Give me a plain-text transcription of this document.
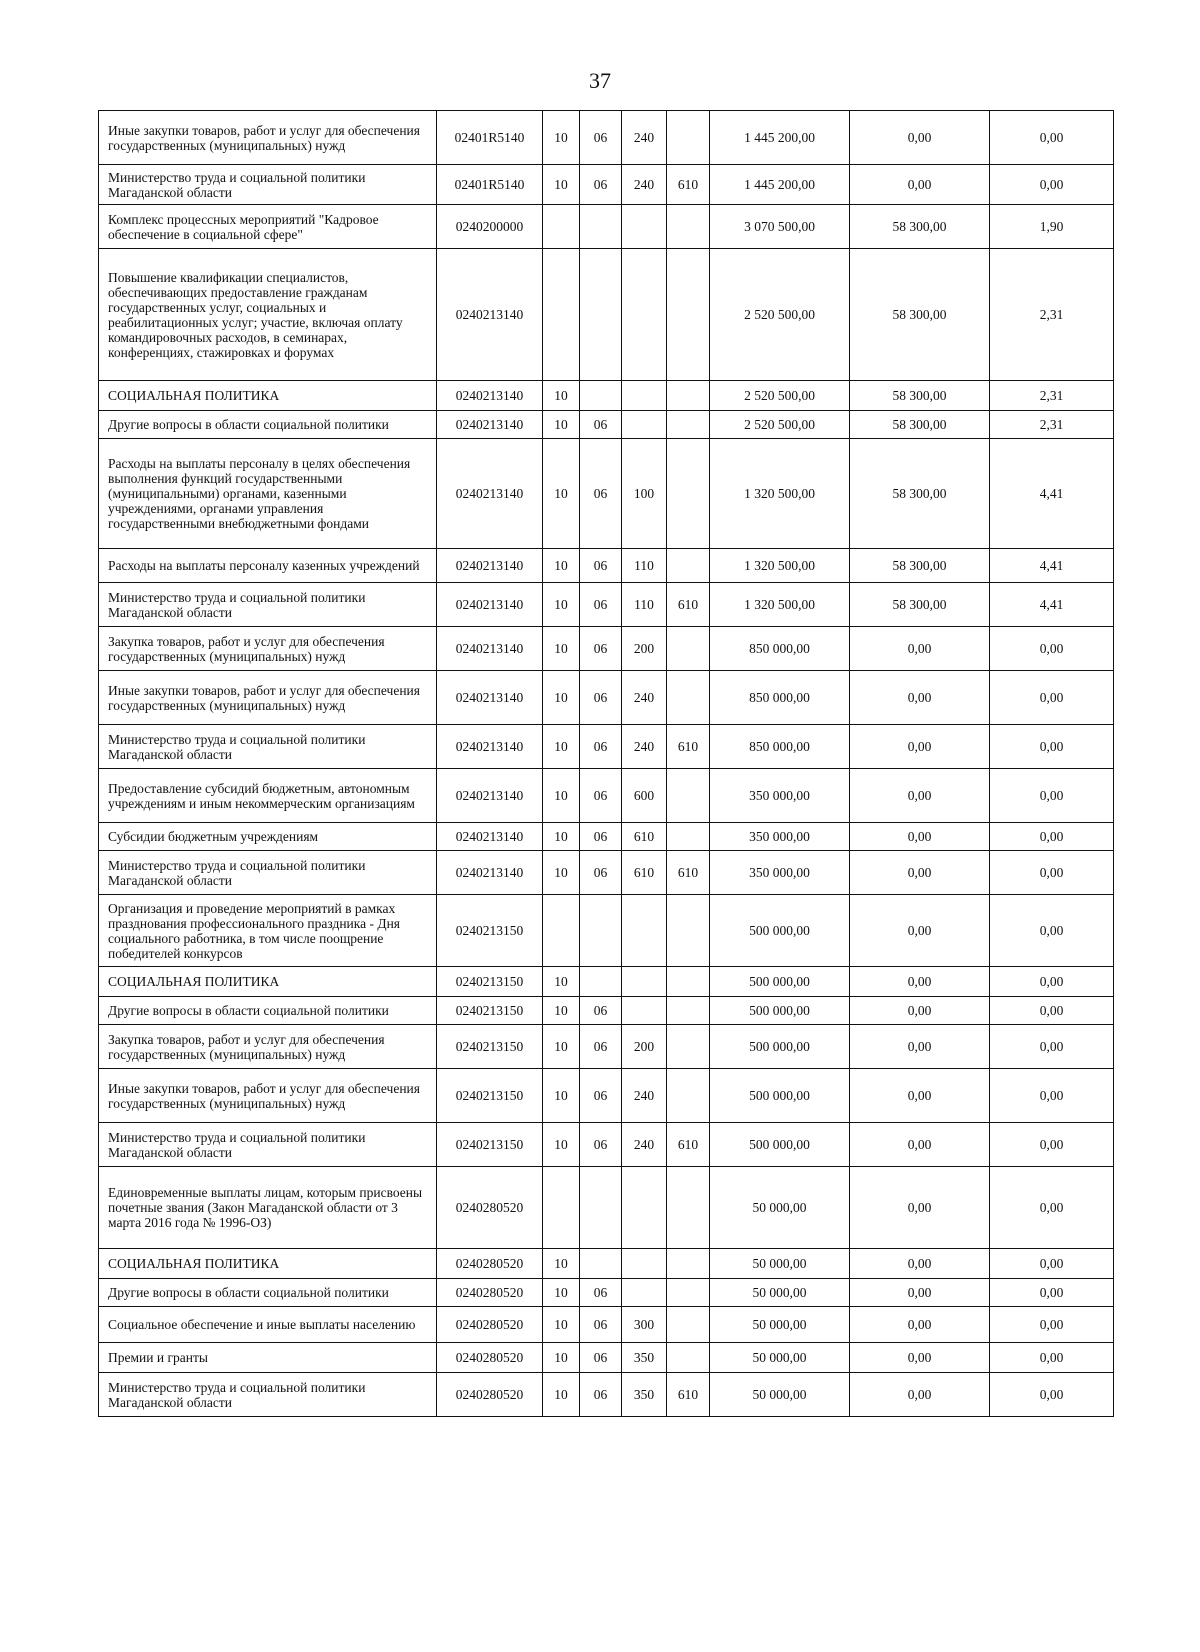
37
Иные закупки товаров, работ и услуг для обеспечения государственных (муниципальных) нужд	02401R5140	10	06	240		1 445 200,00	0,00	0,00
Министерство труда и социальной политики Магаданской области	02401R5140	10	06	240	610	1 445 200,00	0,00	0,00
Комплекс процессных мероприятий "Кадровое обеспечение в социальной сфере"	0240200000					3 070 500,00	58 300,00	1,90
Повышение квалификации специалистов, обеспечивающих предоставление гражданам государственных услуг, социальных и реабилитационных услуг; участие, включая оплату командировочных расходов, в семинарах, конференциях, стажировках и форумах	0240213140					2 520 500,00	58 300,00	2,31
СОЦИАЛЬНАЯ ПОЛИТИКА	0240213140	10				2 520 500,00	58 300,00	2,31
Другие вопросы в области социальной политики	0240213140	10	06			2 520 500,00	58 300,00	2,31
Расходы на выплаты персоналу в целях обеспечения выполнения функций государственными (муниципальными) органами, казенными учреждениями, органами управления государственными внебюджетными фондами	0240213140	10	06	100		1 320 500,00	58 300,00	4,41
Расходы на выплаты персоналу казенных учреждений	0240213140	10	06	110		1 320 500,00	58 300,00	4,41
Министерство труда и социальной политики Магаданской области	0240213140	10	06	110	610	1 320 500,00	58 300,00	4,41
Закупка товаров, работ и услуг для обеспечения государственных (муниципальных) нужд	0240213140	10	06	200		850 000,00	0,00	0,00
Иные закупки товаров, работ и услуг для обеспечения государственных (муниципальных) нужд	0240213140	10	06	240		850 000,00	0,00	0,00
Министерство труда и социальной политики Магаданской области	0240213140	10	06	240	610	850 000,00	0,00	0,00
Предоставление субсидий бюджетным, автономным учреждениям и иным некоммерческим организациям	0240213140	10	06	600		350 000,00	0,00	0,00
Субсидии бюджетным учреждениям	0240213140	10	06	610		350 000,00	0,00	0,00
Министерство труда и социальной политики Магаданской области	0240213140	10	06	610	610	350 000,00	0,00	0,00
Организация и проведение мероприятий в рамках празднования профессионального праздника - Дня социального работника, в том числе поощрение победителей конкурсов	0240213150					500 000,00	0,00	0,00
СОЦИАЛЬНАЯ ПОЛИТИКА	0240213150	10				500 000,00	0,00	0,00
Другие вопросы в области социальной политики	0240213150	10	06			500 000,00	0,00	0,00
Закупка товаров, работ и услуг для обеспечения государственных (муниципальных) нужд	0240213150	10	06	200		500 000,00	0,00	0,00
Иные закупки товаров, работ и услуг для обеспечения государственных (муниципальных) нужд	0240213150	10	06	240		500 000,00	0,00	0,00
Министерство труда и социальной политики Магаданской области	0240213150	10	06	240	610	500 000,00	0,00	0,00
Единовременные выплаты лицам, которым присвоены почетные звания (Закон Магаданской области от 3 марта 2016 года № 1996-ОЗ)	0240280520					50 000,00	0,00	0,00
СОЦИАЛЬНАЯ ПОЛИТИКА	0240280520	10				50 000,00	0,00	0,00
Другие вопросы в области социальной политики	0240280520	10	06			50 000,00	0,00	0,00
Социальное обеспечение и иные выплаты населению	0240280520	10	06	300		50 000,00	0,00	0,00
Премии и гранты	0240280520	10	06	350		50 000,00	0,00	0,00
Министерство труда и социальной политики Магаданской области	0240280520	10	06	350	610	50 000,00	0,00	0,00
